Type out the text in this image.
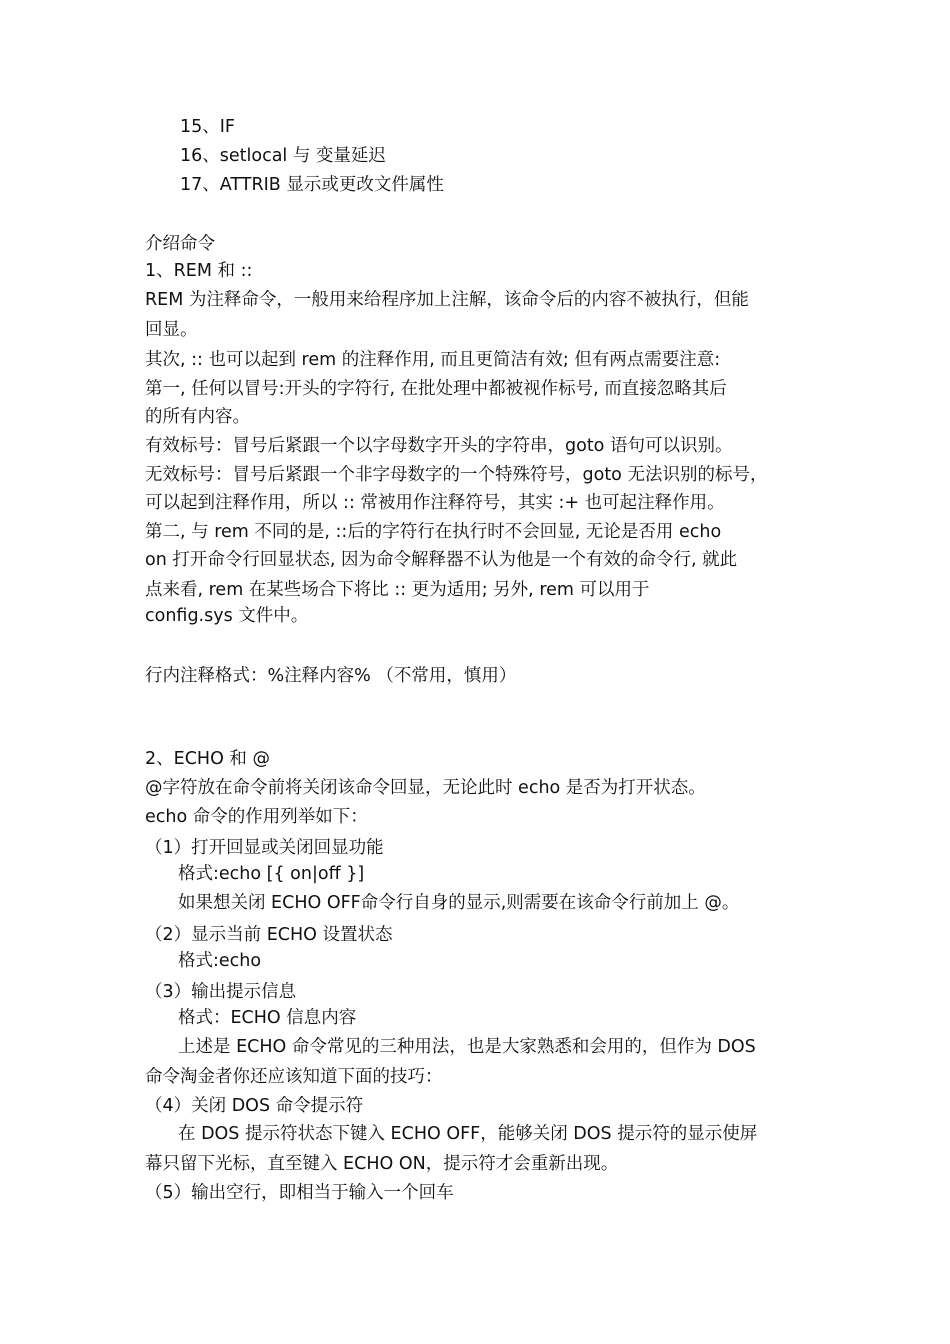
15、IF
16、setlocal 与 变量延迟
17、ATTRIB 显示或更改文件属性
介绍命令
1、REM 和 ::
REM 为注释命令，一般用来给程序加上注解，该命令后的内容不被执行，但能
回显。
其次, :: 也可以起到 rem 的注释作用, 而且更简洁有效; 但有两点需要注意:
第一, 任何以冒号:开头的字符行, 在批处理中都被视作标号, 而直接忽略其后
的所有内容。
有效标号：冒号后紧跟一个以字母数字开头的字符串，goto 语句可以识别。
无效标号：冒号后紧跟一个非字母数字的一个特殊符号，goto 无法识别的标号，
可以起到注释作用，所以 :: 常被用作注释符号，其实 :+ 也可起注释作用。
第二, 与 rem 不同的是, ::后的字符行在执行时不会回显, 无论是否用 echo
on 打开命令行回显状态, 因为命令解释器不认为他是一个有效的命令行, 就此
点来看, rem 在某些场合下将比 :: 更为适用; 另外, rem 可以用于
config.sys 文件中。
行内注释格式：%注释内容% （不常用，慎用）
2、ECHO 和 @
@字符放在命令前将关闭该命令回显，无论此时 echo 是否为打开状态。
echo 命令的作用列举如下：
（1）打开回显或关闭回显功能
格式:echo [{ on|off }]
如果想关闭 ECHO OFF命令行自身的显示,则需要在该命令行前加上 @。
（2）显示当前 ECHO 设置状态
格式:echo
（3）输出提示信息
格式：ECHO 信息内容
上述是 ECHO 命令常见的三种用法，也是大家熟悉和会用的，但作为 DOS
命令淘金者你还应该知道下面的技巧：
（4）关闭 DOS 命令提示符
在 DOS 提示符状态下键入 ECHO OFF，能够关闭 DOS 提示符的显示使屏
幕只留下光标，直至键入 ECHO ON，提示符才会重新出现。
（5）输出空行，即相当于输入一个回车
